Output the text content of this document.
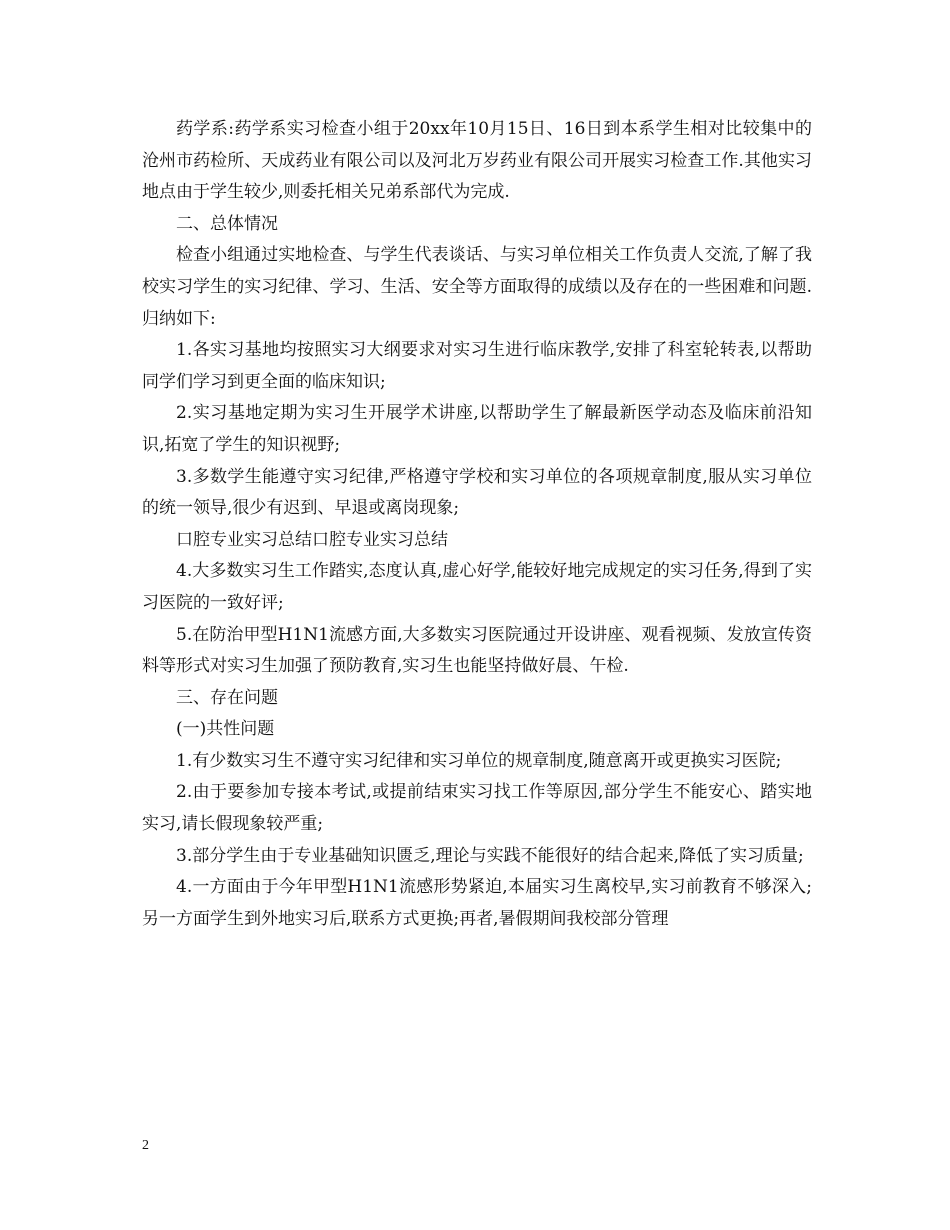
药学系:药学系实习检查小组于20xx年10月15日、16日到本系学生相对比较集中的沧州市药检所、天成药业有限公司以及河北万岁药业有限公司开展实习检查工作.其他实习地点由于学生较少,则委托相关兄弟系部代为完成.

二、总体情况

检查小组通过实地检查、与学生代表谈话、与实习单位相关工作负责人交流,了解了我校实习学生的实习纪律、学习、生活、安全等方面取得的成绩以及存在的一些困难和问题.归纳如下:

1.各实习基地均按照实习大纲要求对实习生进行临床教学,安排了科室轮转表,以帮助同学们学习到更全面的临床知识;

2.实习基地定期为实习生开展学术讲座,以帮助学生了解最新医学动态及临床前沿知识,拓宽了学生的知识视野;

3.多数学生能遵守实习纪律,严格遵守学校和实习单位的各项规章制度,服从实习单位的统一领导,很少有迟到、早退或离岗现象;

口腔专业实习总结口腔专业实习总结

4.大多数实习生工作踏实,态度认真,虚心好学,能较好地完成规定的实习任务,得到了实习医院的一致好评;

5.在防治甲型H1N1流感方面,大多数实习医院通过开设讲座、观看视频、发放宣传资料等形式对实习生加强了预防教育,实习生也能坚持做好晨、午检.

三、存在问题

(一)共性问题

1.有少数实习生不遵守实习纪律和实习单位的规章制度,随意离开或更换实习医院;

2.由于要参加专接本考试,或提前结束实习找工作等原因,部分学生不能安心、踏实地实习,请长假现象较严重;

3.部分学生由于专业基础知识匮乏,理论与实践不能很好的结合起来,降低了实习质量;

4.一方面由于今年甲型H1N1流感形势紧迫,本届实习生离校早,实习前教育不够深入;另一方面学生到外地实习后,联系方式更换;再者,暑假期间我校部分管理

2
